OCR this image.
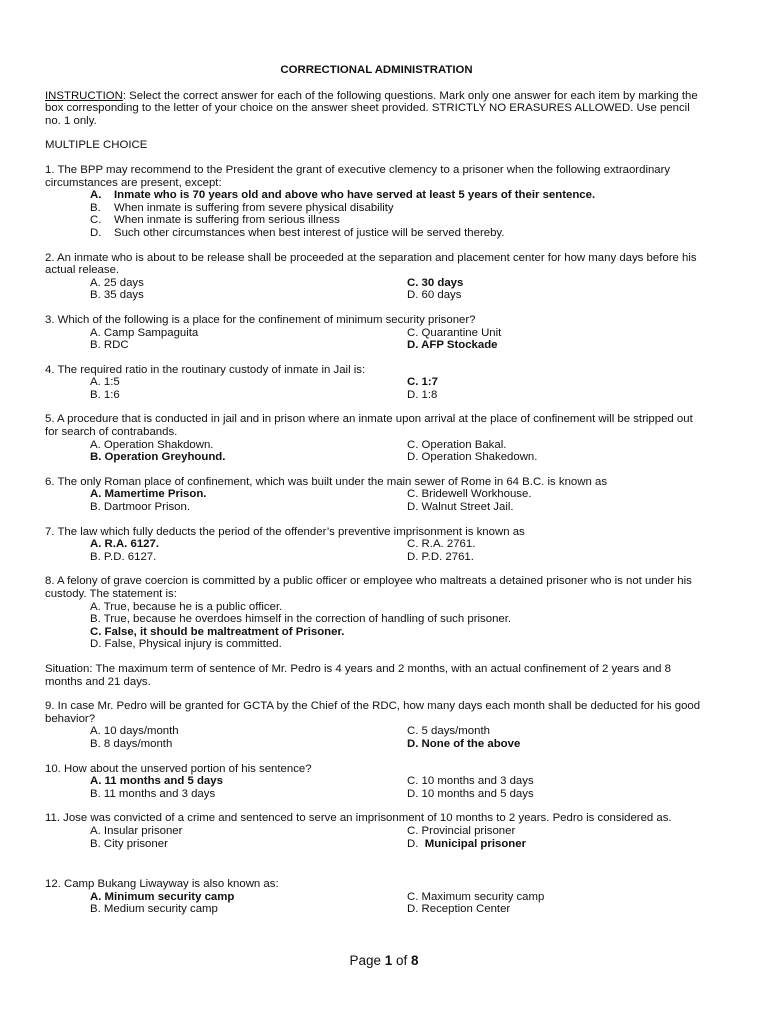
CORRECTIONAL ADMINISTRATION
INSTRUCTION: Select the correct answer for each of the following questions. Mark only one answer for each item by marking the box corresponding to the letter of your choice on the answer sheet provided. STRICTLY NO ERASURES ALLOWED. Use pencil no. 1 only.
MULTIPLE CHOICE
1. The BPP may recommend to the President the grant of executive clemency to a prisoner when the following extraordinary circumstances are present, except:
A.	Inmate who is 70 years old and above who have served at least 5 years of their sentence.
B.	When inmate is suffering from severe physical disability
C.	When inmate is suffering from serious illness
D.	Such other circumstances when best interest of justice will be served thereby.
2. An inmate who is about to be release shall be proceeded at the separation and placement center for how many days before his actual release.
A. 25 days	C. 30 days
B. 35 days	D. 60 days
3. Which of the following is a place for the confinement of minimum security prisoner?
A. Camp Sampaguita	C. Quarantine Unit
B. RDC	D. AFP Stockade
4. The required ratio in the routinary custody of inmate in Jail is:
A. 1:5	C. 1:7
B. 1:6	D. 1:8
5. A procedure that is conducted in jail and in prison where an inmate upon arrival at the place of confinement will be stripped out for search of contrabands.
A. Operation Shakdown.	C. Operation Bakal.
B. Operation Greyhound.	D. Operation Shakedown.
6. The only Roman place of confinement, which was built under the main sewer of Rome in 64 B.C. is known as
A. Mamertime Prison.	C. Bridewell Workhouse.
B. Dartmoor Prison.	D. Walnut Street Jail.
7. The law which fully deducts the period of the offender’s preventive imprisonment is known as
A. R.A. 6127.	C. R.A. 2761.
B. P.D. 6127.	D. P.D. 2761.
8. A felony of grave coercion is committed by a public officer or employee who maltreats a detained prisoner who is not under his custody. The statement is:
A. True, because he is a public officer.
B. True, because he overdoes himself in the correction of handling of such prisoner.
C. False, it should be maltreatment of Prisoner.
D. False, Physical injury is committed.
Situation: The maximum term of sentence of Mr. Pedro is 4 years and 2 months, with an actual confinement of 2 years and 8 months and 21 days.
9. In case Mr. Pedro will be granted for GCTA by the Chief of the RDC, how many days each month shall be deducted for his good behavior?
A. 10 days/month	C. 5 days/month
B. 8 days/month	D. None of the above
10. How about the unserved portion of his sentence?
A. 11 months and 5 days	C. 10 months and 3 days
B. 11 months and 3 days	D. 10 months and 5 days
11. Jose was convicted of a crime and sentenced to serve an imprisonment of 10 months to 2 years. Pedro is considered as.
A. Insular prisoner	C. Provincial prisoner
B. City prisoner	D.  Municipal prisoner
12. Camp Bukang Liwayway is also known as:
A. Minimum security camp	C. Maximum security camp
B. Medium security camp	D. Reception Center
Page 1 of 8
